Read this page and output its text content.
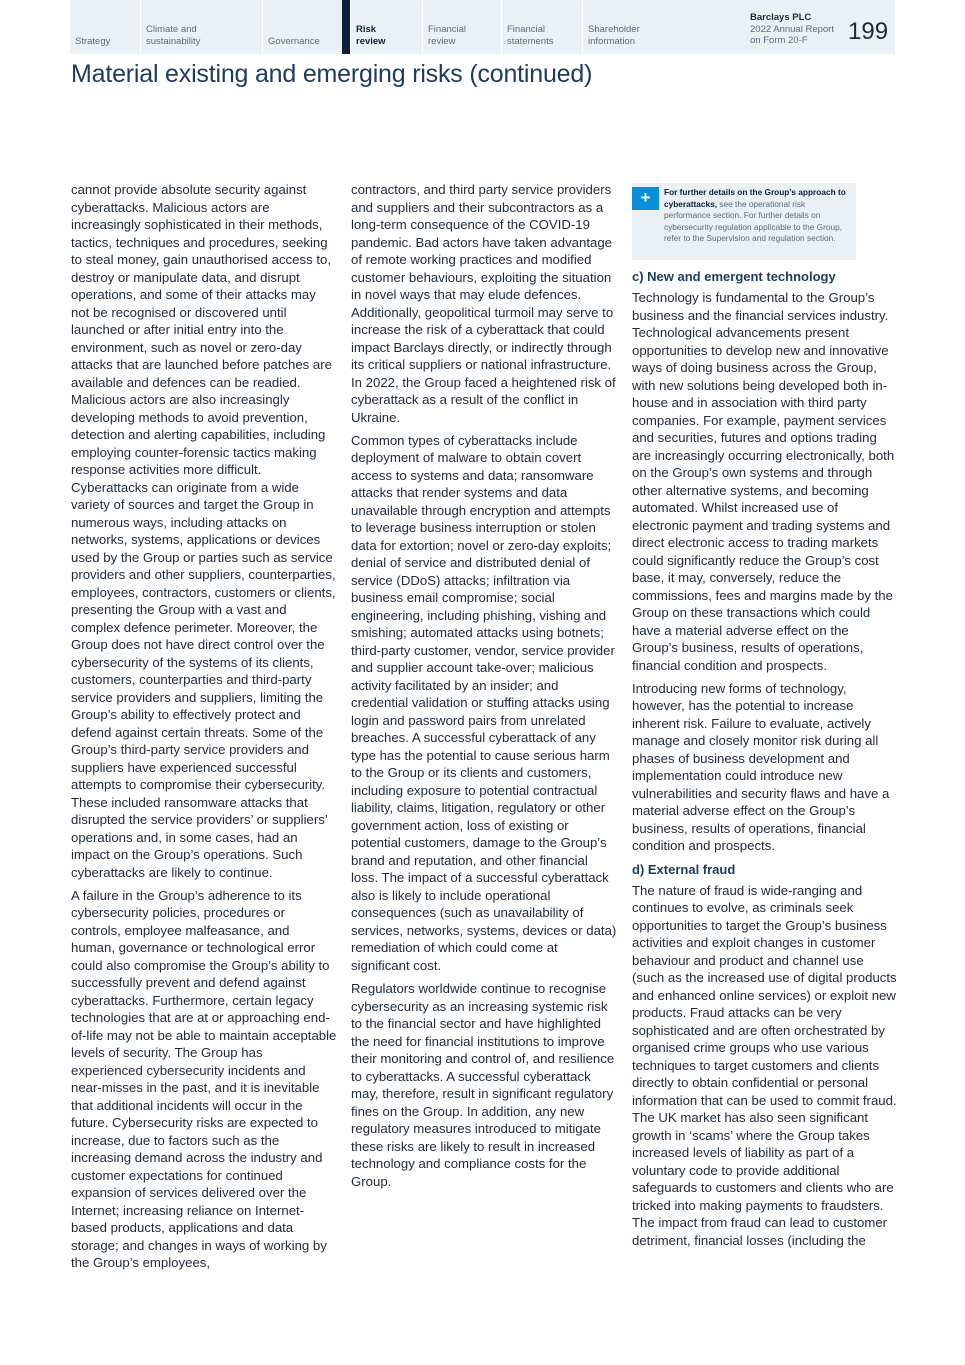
Strategy
Climate and
sustainability	Governance
Risk
review
Financial
review
Financial
statements
Shareholder
information
Barclays PLC
2022 Annual Report
on Form 20-F	199
Material existing and emerging risks (continued)

cannot provide absolute security against cyberattacks. Malicious actors are increasingly sophisticated in their methods, tactics, techniques and procedures, seeking to steal money, gain unauthorised access to, destroy or manipulate data, and disrupt operations, and some of their attacks may not be recognised or discovered until launched or after initial entry into the environment, such as novel or zero-day attacks that are launched before patches are available and defences can be readied. Malicious actors are also increasingly developing methods to avoid prevention, detection and alerting capabilities, including employing counter-forensic tactics making response activities more difficult. Cyberattacks can originate from a wide variety of sources and target the Group in numerous ways, including attacks on networks, systems, applications or devices used by the Group or parties such as service providers and other suppliers, counterparties, employees, contractors, customers or clients, presenting the Group with a vast and complex defence perimeter. Moreover, the Group does not have direct control over the cybersecurity of the systems of its clients, customers, counterparties and third-party service providers and suppliers, limiting the Group’s ability to effectively protect and defend against certain threats. Some of the Group’s third-party service providers and suppliers have experienced successful attempts to compromise their cybersecurity. These included ransomware attacks that disrupted the service providers’ or suppliers’ operations and, in some cases, had an impact on the Group’s operations. Such cyberattacks are likely to continue.

A failure in the Group’s adherence to its cybersecurity policies, procedures or controls, employee malfeasance, and human, governance or technological error could also compromise the Group’s ability to successfully prevent and defend against cyberattacks. Furthermore, certain legacy technologies that are at or approaching end-of-life may not be able to maintain acceptable levels of security. The Group has experienced cybersecurity incidents and near-misses in the past, and it is inevitable that additional incidents will occur in the future. Cybersecurity risks are expected to increase, due to factors such as the increasing demand across the industry and customer expectations for continued expansion of services delivered over the Internet; increasing reliance on Internet-based products, applications and data storage; and changes in ways of working by the Group’s employees,

contractors, and third party service providers and suppliers and their subcontractors as a long-term consequence of the COVID-19 pandemic. Bad actors have taken advantage of remote working practices and modified customer behaviours, exploiting the situation in novel ways that may elude defences. Additionally, geopolitical turmoil may serve to increase the risk of a cyberattack that could impact Barclays directly, or indirectly through its critical suppliers or national infrastructure. In 2022, the Group faced a heightened risk of cyberattack as a result of the conflict in Ukraine.

Common types of cyberattacks include deployment of malware to obtain covert access to systems and data; ransomware attacks that render systems and data unavailable through encryption and attempts to leverage business interruption or stolen data for extortion; novel or zero-day exploits; denial of service and distributed denial of service (DDoS) attacks; infiltration via business email compromise; social engineering, including phishing, vishing and smishing; automated attacks using botnets; third-party customer, vendor, service provider and supplier account take-over; malicious activity facilitated by an insider; and credential validation or stuffing attacks using login and password pairs from unrelated breaches. A successful cyberattack of any type has the potential to cause serious harm to the Group or its clients and customers, including exposure to potential contractual liability, claims, litigation, regulatory or other government action, loss of existing or potential customers, damage to the Group’s brand and reputation, and other financial loss. The impact of a successful cyberattack also is likely to include operational consequences (such as unavailability of services, networks, systems, devices or data) remediation of which could come at significant cost.

Regulators worldwide continue to recognise cybersecurity as an increasing systemic risk to the financial sector and have highlighted the need for financial institutions to improve their monitoring and control of, and resilience to cyberattacks. A successful cyberattack may, therefore, result in significant regulatory fines on the Group. In addition, any new regulatory measures introduced to mitigate these risks are likely to result in increased technology and compliance costs for the Group.

+	For further details on the Group’s approach to cyberattacks, see the operational risk performance section. For further details on cybersecurity regulation applicable to the Group, refer to the Supervision and regulation section.
c) New and emergent technology

Technology is fundamental to the Group’s business and the financial services industry. Technological advancements present opportunities to develop new and innovative ways of doing business across the Group, with new solutions being developed both in-house and in association with third party companies. For example, payment services and securities, futures and options trading are increasingly occurring electronically, both on the Group’s own systems and through other alternative systems, and becoming automated. Whilst increased use of electronic payment and trading systems and direct electronic access to trading markets could significantly reduce the Group’s cost base, it may, conversely, reduce the commissions, fees and margins made by the Group on these transactions which could have a material adverse effect on the Group’s business, results of operations, financial condition and prospects.

Introducing new forms of technology, however, has the potential to increase inherent risk. Failure to evaluate, actively manage and closely monitor risk during all phases of business development and implementation could introduce new vulnerabilities and security flaws and have a material adverse effect on the Group’s business, results of operations, financial condition and prospects.

d) External fraud

The nature of fraud is wide-ranging and continues to evolve, as criminals seek opportunities to target the Group’s business activities and exploit changes in customer behaviour and product and channel use (such as the increased use of digital products and enhanced online services) or exploit new products. Fraud attacks can be very sophisticated and are often orchestrated by organised crime groups who use various techniques to target customers and clients directly to obtain confidential or personal information that can be used to commit fraud. The UK market has also seen significant growth in ‘scams’ where the Group takes increased levels of liability as part of a voluntary code to provide additional safeguards to customers and clients who are tricked into making payments to fraudsters. The impact from fraud can lead to customer detriment, financial losses (including the
